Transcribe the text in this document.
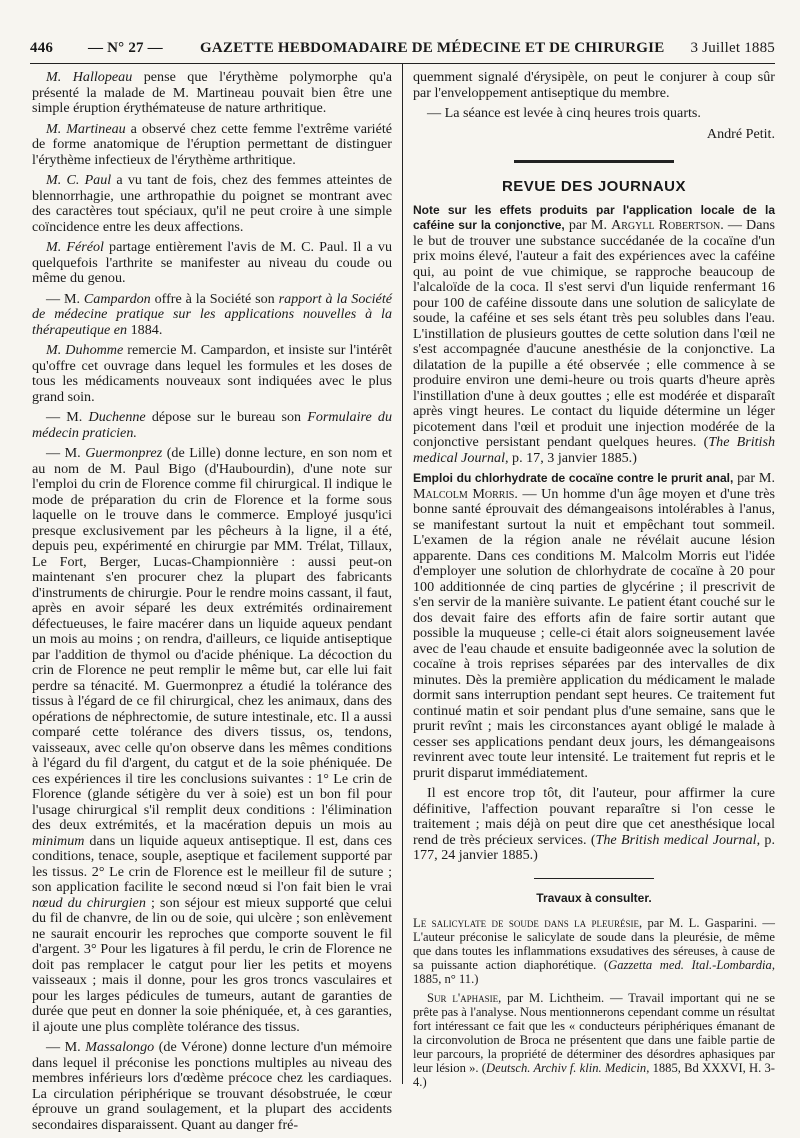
446 — N° 27 — GAZETTE HEBDOMADAIRE DE MÉDECINE ET DE CHIRURGIE 3 Juillet 1885

M. Hallopeau pense que l'érythème polymorphe qu'a présenté la malade de M. Martineau pouvait bien être une simple éruption érythémateuse de nature arthritique.

M. Martineau a observé chez cette femme l'extrême variété de forme anatomique de l'éruption permettant de distinguer l'érythème infectieux de l'érythème arthritique.

M. C. Paul a vu tant de fois, chez des femmes atteintes de blennorrhagie, une arthropathie du poignet se montrant avec des caractères tout spéciaux, qu'il ne peut croire à une simple coïncidence entre les deux affections.

M. Féréol partage entièrement l'avis de M. C. Paul. Il a vu quelquefois l'arthrite se manifester au niveau du coude ou même du genou.

— M. Campardon offre à la Société son rapport à la Société de médecine pratique sur les applications nouvelles à la thérapeutique en 1884.

M. Duhomme remercie M. Campardon, et insiste sur l'intérêt qu'offre cet ouvrage dans lequel les formules et les doses de tous les médicaments nouveaux sont indiquées avec le plus grand soin.

— M. Duchenne dépose sur le bureau son Formulaire du médecin praticien.

— M. Guermonprez (de Lille) donne lecture, en son nom et au nom de M. Paul Bigo (d'Haubourdin), d'une note sur l'emploi du crin de Florence comme fil chirurgical. Il indique le mode de préparation du crin de Florence et la forme sous laquelle on le trouve dans le commerce. Employé jusqu'ici presque exclusivement par les pêcheurs à la ligne, il a été, depuis peu, expérimenté en chirurgie par MM. Trélat, Tillaux, Le Fort, Berger, Lucas-Championnière : aussi peut-on maintenant s'en procurer chez la plupart des fabricants d'instruments de chirurgie. Pour le rendre moins cassant, il faut, après en avoir séparé les deux extrémités ordinairement défectueuses, le faire macérer dans un liquide aqueux pendant un mois au moins ; on rendra, d'ailleurs, ce liquide antiseptique par l'addition de thymol ou d'acide phénique. La décoction du crin de Florence ne peut remplir le même but, car elle lui fait perdre sa ténacité. M. Guermonprez a étudié la tolérance des tissus à l'égard de ce fil chirurgical, chez les animaux, dans des opérations de néphrectomie, de suture intestinale, etc. Il a aussi comparé cette tolérance des divers tissus, os, tendons, vaisseaux, avec celle qu'on observe dans les mêmes conditions à l'égard du fil d'argent, du catgut et de la soie phéniquée. De ces expériences il tire les conclusions suivantes : 1° Le crin de Florence (glande sétigère du ver à soie) est un bon fil pour l'usage chirurgical s'il remplit deux conditions : l'élimination des deux extrémités, et la macération depuis un mois au minimum dans un liquide aqueux antiseptique. Il est, dans ces conditions, tenace, souple, aseptique et facilement supporté par les tissus. 2° Le crin de Florence est le meilleur fil de suture ; son application facilite le second nœud si l'on fait bien le vrai nœud du chirurgien ; son séjour est mieux supporté que celui du fil de chanvre, de lin ou de soie, qui ulcère ; son enlèvement ne saurait encourir les reproches que comporte souvent le fil d'argent. 3° Pour les ligatures à fil perdu, le crin de Florence ne doit pas remplacer le catgut pour lier les petits et moyens vaisseaux ; mais il donne, pour les gros troncs vasculaires et pour les larges pédicules de tumeurs, autant de garanties de durée que peut en donner la soie phéniquée, et, à ces garanties, il ajoute une plus complète tolérance des tissus.

— M. Massalongo (de Vérone) donne lecture d'un mémoire dans lequel il préconise les ponctions multiples au niveau des membres inférieurs lors d'œdème précoce chez les cardiaques. La circulation périphérique se trouvant désobstruée, le cœur éprouve un grand soulagement, et la plupart des accidents secondaires disparaissent. Quant au danger fré-

quemment signalé d'érysipèle, on peut le conjurer à coup sûr par l'enveloppement antiseptique du membre.

— La séance est levée à cinq heures trois quarts.

André Petit.

REVUE DES JOURNAUX

Note sur les effets produits par l'application locale de la caféine sur la conjonctive, par M. Argyll Robertson. — Dans le but de trouver une substance succédanée de la cocaïne d'un prix moins élevé, l'auteur a fait des expériences avec la caféine qui, au point de vue chimique, se rapproche beaucoup de l'alcaloïde de la coca. Il s'est servi d'un liquide renfermant 16 pour 100 de caféine dissoute dans une solution de salicylate de soude, la caféine et ses sels étant très peu solubles dans l'eau. L'instillation de plusieurs gouttes de cette solution dans l'œil ne s'est accompagnée d'aucune anesthésie de la conjonctive. La dilatation de la pupille a été observée ; elle commence à se produire environ une demi-heure ou trois quarts d'heure après l'instillation d'une à deux gouttes ; elle est modérée et disparaît après vingt heures. Le contact du liquide détermine un léger picotement dans l'œil et produit une injection modérée de la conjonctive persistant pendant quelques heures. (The British medical Journal, p. 17, 3 janvier 1885.)

Emploi du chlorhydrate de cocaïne contre le prurit anal, par M. Malcolm Morris. — Un homme d'un âge moyen et d'une très bonne santé éprouvait des démangeaisons intolérables à l'anus, se manifestant surtout la nuit et empêchant tout sommeil. L'examen de la région anale ne révélait aucune lésion apparente. Dans ces conditions M. Malcolm Morris eut l'idée d'employer une solution de chlorhydrate de cocaïne à 20 pour 100 additionnée de cinq parties de glycérine ; il prescrivit de s'en servir de la manière suivante. Le patient étant couché sur le dos devait faire des efforts afin de faire sortir autant que possible la muqueuse ; celle-ci était alors soigneusement lavée avec de l'eau chaude et ensuite badigeonnée avec la solution de cocaïne à trois reprises séparées par des intervalles de dix minutes. Dès la première application du médicament le malade dormit sans interruption pendant sept heures. Ce traitement fut continué matin et soir pendant plus d'une semaine, sans que le prurit revînt ; mais les circonstances ayant obligé le malade à cesser ses applications pendant deux jours, les démangeaisons revinrent avec toute leur intensité. Le traitement fut repris et le prurit disparut immédiatement.

Il est encore trop tôt, dit l'auteur, pour affirmer la cure définitive, l'affection pouvant reparaître si l'on cesse le traitement ; mais déjà on peut dire que cet anesthésique local rend de très précieux services. (The British medical Journal, p. 177, 24 janvier 1885.)

Travaux à consulter.

Le salicylate de soude dans la pleurésie, par M. L. Gasparini. — L'auteur préconise le salicylate de soude dans la pleurésie, de même que dans toutes les inflammations exsudatives des séreuses, à cause de sa puissante action diaphorétique. (Gazzetta med. Ital.-Lombardia, 1885, n° 11.)

Sur l'aphasie, par M. Lichtheim. — Travail important qui ne se prête pas à l'analyse. Nous mentionnerons cependant comme un résultat fort intéressant ce fait que les « conducteurs périphériques émanant de la circonvolution de Broca ne présentent que dans une faible partie de leur parcours, la propriété de déterminer des désordres aphasiques par leur lésion ». (Deutsch. Archiv f. klin. Medicin, 1885, Bd XXXVI, H. 3-4.)
